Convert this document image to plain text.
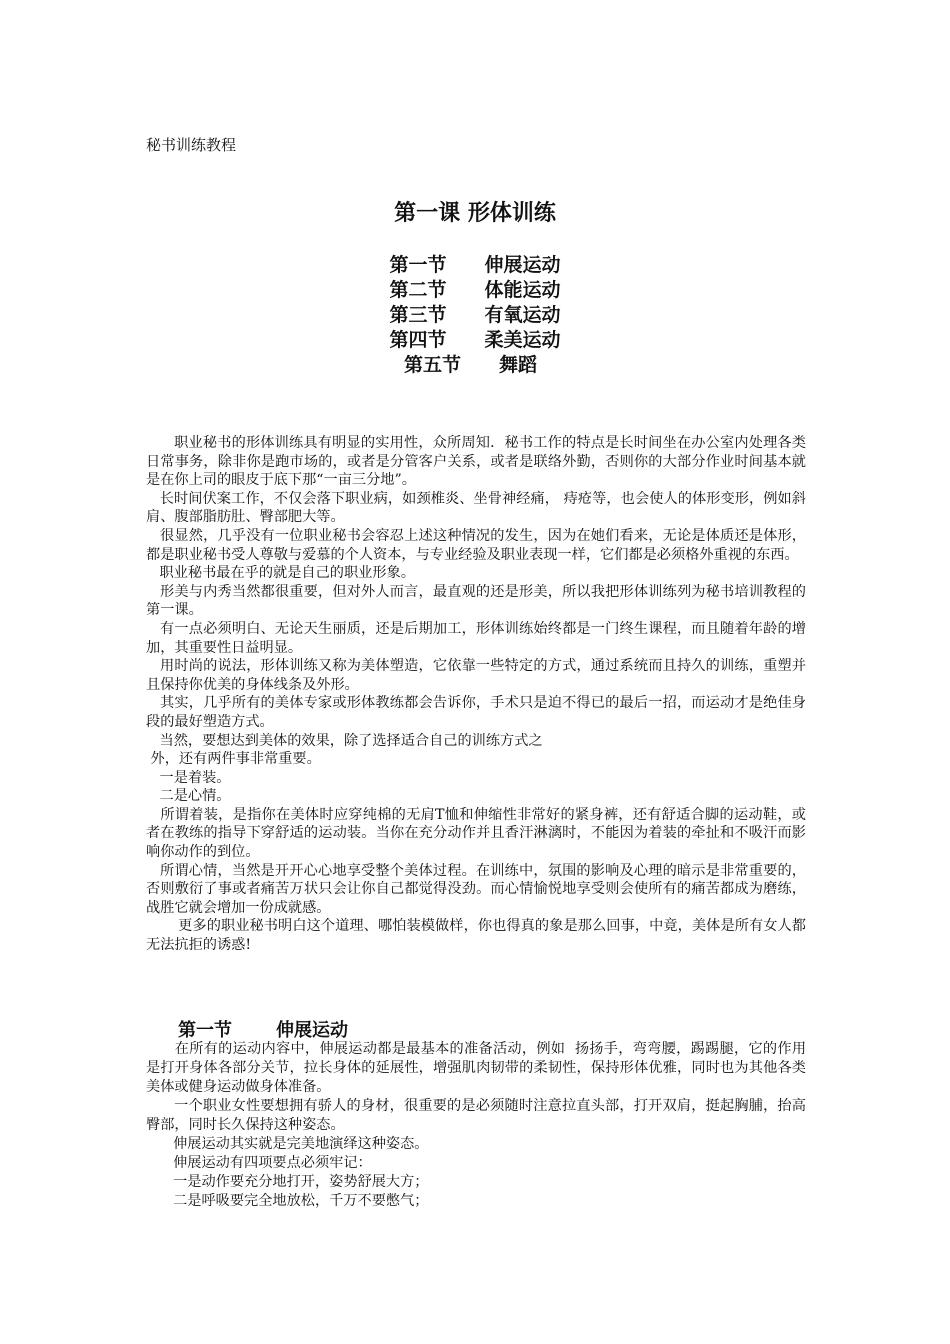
秘书训练教程
第一课 形体训练
第一节 伸展运动
第二节 体能运动
第三节 有氧运动
第四节 柔美运动
第五节 舞蹈

职业秘书的形体训练具有明显的实用性，众所周知．秘书工作的特点是长时间坐在办公室内处理各类日常事务，除非你是跑市场的，或者是分管客户关系，或者是联络外勤，否则你的大部分作业时间基本就是在你上司的眼皮于底下那“一亩三分地”。

长时间伏案工作，不仅会落下职业病，如颈椎炎、坐骨神经痛， 痔疮等，也会使人的体形变形，例如斜肩、腹部脂肪肚、臀部肥大等。

很显然，几乎没有一位职业秘书会容忍上述这种情况的发生，因为在她们看来，无论是体质还是体形，都是职业秘书受人尊敬与爱慕的个人资本，与专业经验及职业表现一样，它们都是必须格外重视的东西。

职业秘书最在乎的就是自己的职业形象。

形美与内秀当然都很重要，但对外人而言，最直观的还是形美，所以我把形体训练列为秘书培训教程的第一课。

有一点必须明白、无论天生丽质，还是后期加工，形体训练始终都是一门终生课程，而且随着年龄的增加，其重要性日益明显。

用时尚的说法，形体训练又称为美体塑造，它依靠一些特定的方式，通过系统而且持久的训练，重塑并且保持你优美的身体线条及外形。

其实，几乎所有的美体专家或形体教练都会告诉你，手术只是迫不得已的最后一招，而运动才是绝佳身段的最好塑造方式。

当然，要想达到美体的效果，除了选择适合自己的训练方式之

外，还有两件事非常重要。

一是着装。

二是心情。

所谓着装，是指你在美体时应穿纯棉的无肩T恤和伸缩性非常好的紧身裤，还有舒适合脚的运动鞋，或者在教练的指导下穿舒适的运动装。当你在充分动作并且香汗淋漓时，不能因为着装的牵扯和不吸汗而影响你动作的到位。

所谓心情，当然是开开心心地享受整个美体过程。在训练中，氛围的影响及心理的暗示是非常重要的，  否则敷衍了事或者痛苦万状只会让你自己都觉得没劲。而心情愉悦地享受则会使所有的痛苦都成为磨练，战胜它就会增加一份成就感。

更多的职业秘书明白这个道理、哪怕装模做样，你也得真的象是那么回事，中竟，美体是所有女人都无法抗拒的诱惑!

第一节 伸展运动

在所有的运动内容中，伸展运动都是最基本的准备活动，例如  扬扬手，弯弯腰，踢踢腿，它的作用是打开身体各部分关节，拉长身体的延展性，增强肌肉韧带的柔韧性，保持形体优雅，同时也为其他各类美体或健身运动做身体准备。

一个职业女性要想拥有骄人的身材，很重要的是必须随时注意拉直头部，打开双肩，挺起胸脯，抬高臀部，同时长久保持这种姿态。

伸展运动其实就是完美地演绎这种姿态。

伸展运动有四项要点必须牢记：

一是动作要充分地打开，姿势舒展大方；

二是呼吸要完全地放松，千万不要憋气；
